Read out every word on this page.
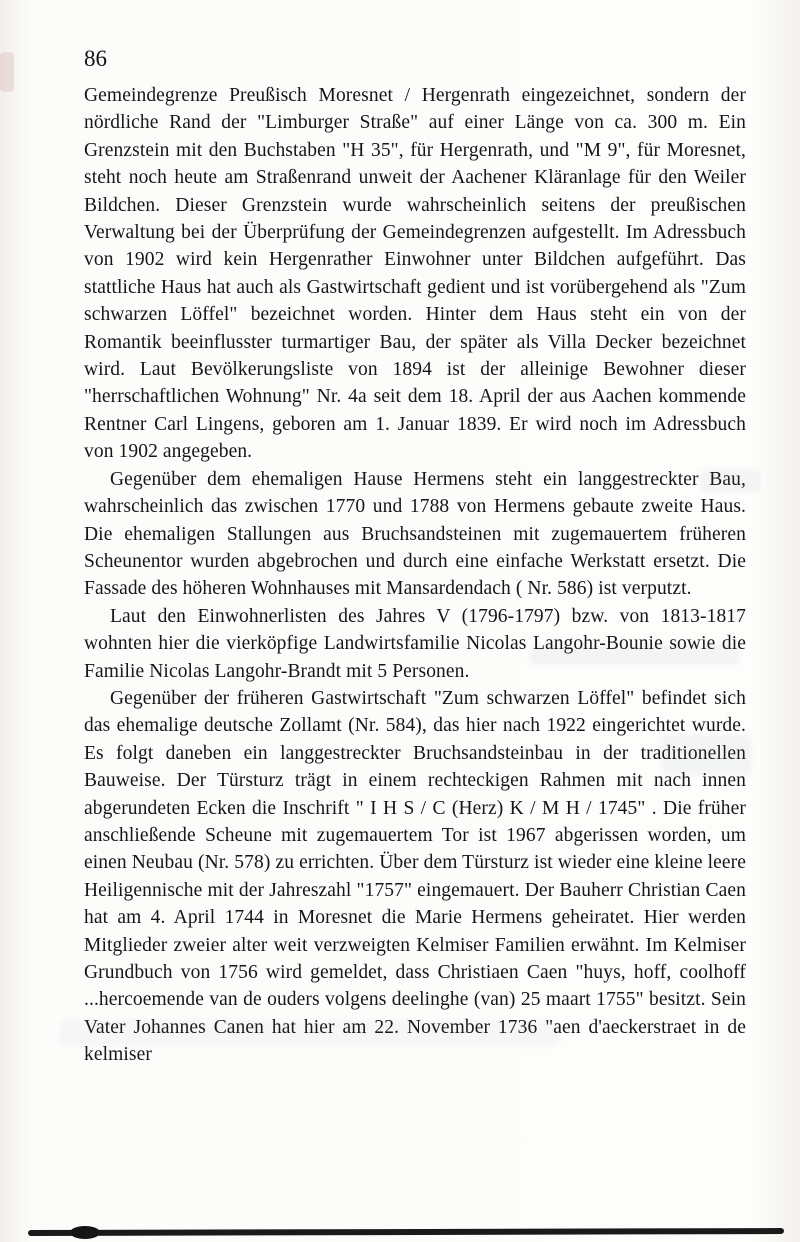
86

Gemeindegrenze Preußisch Moresnet / Hergenrath eingezeichnet, sondern der nördliche Rand der "Limburger Straße" auf einer Länge von ca. 300 m. Ein Grenzstein mit den Buchstaben "H 35", für Hergenrath, und "M 9", für Moresnet, steht noch heute am Straßenrand unweit der Aachener Kläranlage für den Weiler Bildchen. Dieser Grenzstein wurde wahrscheinlich seitens der preußischen Verwaltung bei der Überprüfung der Gemeindegrenzen aufgestellt. Im Adressbuch von 1902 wird kein Hergenrather Einwohner unter Bildchen aufgeführt. Das stattliche Haus hat auch als Gastwirtschaft gedient und ist vorübergehend als "Zum schwarzen Löffel" bezeichnet worden. Hinter dem Haus steht ein von der Romantik beeinflusster turmartiger Bau, der später als Villa Decker bezeichnet wird. Laut Bevölkerungsliste von 1894 ist der alleinige Bewohner dieser "herrschaftlichen Wohnung" Nr. 4a seit dem 18. April der aus Aachen kommende Rentner Carl Lingens, geboren am 1. Januar 1839. Er wird noch im Adressbuch von 1902 angegeben.

Gegenüber dem ehemaligen Hause Hermens steht ein langgestreckter Bau, wahrscheinlich das zwischen 1770 und 1788 von Hermens gebaute zweite Haus. Die ehemaligen Stallungen aus Bruchsandsteinen mit zugemauertem früheren Scheunentor wurden abgebrochen und durch eine einfache Werkstatt ersetzt. Die Fassade des höheren Wohnhauses mit Mansardendach ( Nr. 586) ist verputzt.

Laut den Einwohnerlisten des Jahres V (1796-1797) bzw. von 1813-1817 wohnten hier die vierköpfige Landwirtsfamilie Nicolas Langohr-Bounie sowie die Familie Nicolas Langohr-Brandt mit 5 Personen.

Gegenüber der früheren Gastwirtschaft "Zum schwarzen Löffel" befindet sich das ehemalige deutsche Zollamt (Nr. 584), das hier nach 1922 eingerichtet wurde. Es folgt daneben ein langgestreckter Bruchsandsteinbau in der traditionellen Bauweise. Der Türsturz trägt in einem rechteckigen Rahmen mit nach innen abgerundeten Ecken die Inschrift " I H S / C (Herz) K / M H / 1745" . Die früher anschließende Scheune mit zugemauertem Tor ist 1967 abgerissen worden, um einen Neubau (Nr. 578) zu errichten. Über dem Türsturz ist wieder eine kleine leere Heiligennische mit der Jahreszahl "1757" eingemauert. Der Bauherr Christian Caen hat am 4. April 1744 in Moresnet die Marie Hermens geheiratet. Hier werden Mitglieder zweier alter weit verzweigten Kelmiser Familien erwähnt. Im Kelmiser Grundbuch von 1756 wird gemeldet, dass Christiaen Caen "huys, hoff, coolhoff ...hercoemende van de ouders volgens deelinghe (van) 25 maart 1755" besitzt. Sein Vater Johannes Canen hat hier am 22. November 1736 "aen d'aeckerstraet in de kelmiser
